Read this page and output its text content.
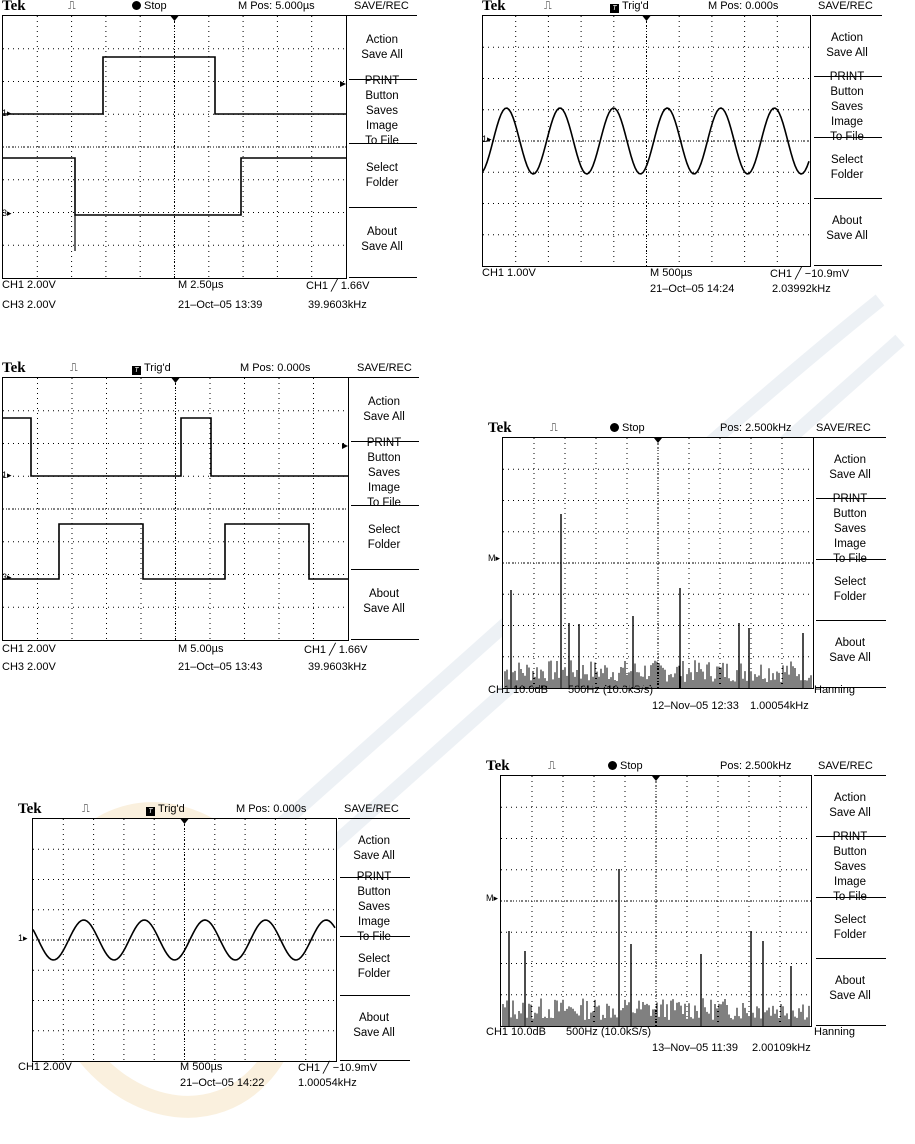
Tek	⎍	Stop	M Pos: 5.000µs	SAVE/REC
1▸
3▸
Action
Save All
PRINT
Button
Saves
Image
To File
Select
Folder
About
Save All
CH1 2.00V
CH3 2.00V
M 2.50µs
21–Oct–05 13:39
CH1 ╱ 1.66V
39.9603kHz
Tek	⎍	T Trig'd	M Pos: 0.000s	SAVE/REC
1▸
Action
Save All
PRINT
Button
Saves
Image
To File
Select
Folder
About
Save All
CH1 1.00V	M 500µs
21–Oct–05 14:24
CH1 ╱ −10.9mV
2.03992kHz
Tek	⎍	T Trig'd	M Pos: 0.000s	SAVE/REC
1▸
3▸
Action
Save All
PRINT
Button
Saves
Image
To File
Select
Folder
About
Save All
CH1 2.00V
CH3 2.00V
M 5.00µs
21–Oct–05 13:43
CH1 ╱ 1.66V
39.9603kHz
Tek	⎍	Stop	Pos: 2.500kHz SAVE/REC
M▸
Action
Save All
PRINT
Button
Saves
Image
To File
Select
Folder
About
Save All
CH1 10.0dB 500Hz (10.0kS/s)
12–Nov–05 12:33
Hanning
1.00054kHz
Tek	⎍	T Trig'd	M Pos: 0.000s	SAVE/REC
1▸
Action
Save All
PRINT
Button
Saves
Image
To File
Select
Folder
About
Save All
CH1 2.00V	M 500µs
21–Oct–05 14:22
CH1 ╱ −10.9mV
1.00054kHz
Tek	⎍	Stop	Pos: 2.500kHz SAVE/REC
M▸
Action
Save All
PRINT
Button
Saves
Image
To File
Select
Folder
About
Save All
CH1 10.0dB 500Hz (10.0kS/s)
13–Nov–05 11:39
Hanning
2.00109kHz
